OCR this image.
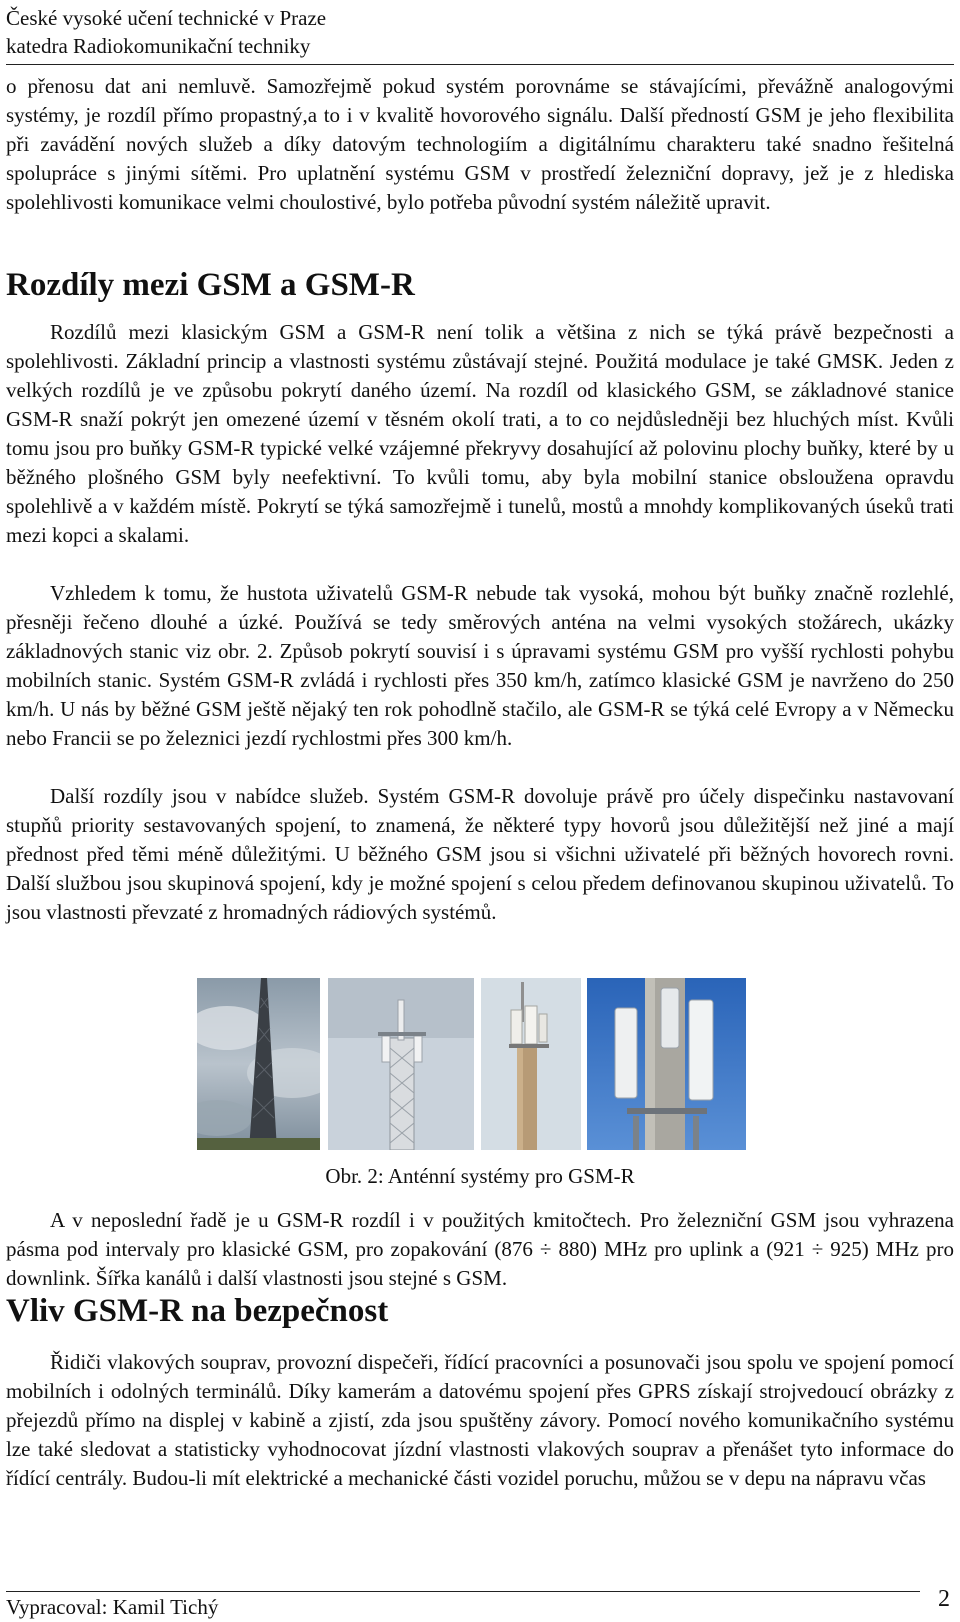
České vysoké učení technické v Praze
katedra Radiokomunikační techniky

o přenosu dat ani nemluvě. Samozřejmě pokud systém porovnáme se stávajícími, převážně analogovými systémy, je rozdíl přímo propastný,a to i v kvalitě hovorového signálu. Další předností GSM je jeho flexibilita při zavádění nových služeb a díky datovým technologiím a digitálnímu charakteru také snadno řešitelná spolupráce s jinými sítěmi. Pro uplatnění systému GSM v prostředí železniční dopravy, jež je z hlediska spolehlivosti komunikace velmi choulostivé, bylo potřeba původní systém náležitě upravit.

Rozdíly mezi GSM a GSM-R

Rozdílů mezi klasickým GSM a GSM-R není tolik a většina z nich se týká právě bezpečnosti a spolehlivosti. Základní princip a vlastnosti systému zůstávají stejné. Použitá modulace je také GMSK. Jeden z velkých rozdílů je ve způsobu pokrytí daného území. Na rozdíl od klasického GSM, se základnové stanice GSM-R snaží pokrýt jen omezené území v těsném okolí trati, a to co nejdůsledněji bez hluchých míst. Kvůli tomu jsou pro buňky GSM-R typické velké vzájemné překryvy dosahující až polovinu plochy buňky, které by u běžného plošného GSM byly neefektivní. To kvůli tomu, aby byla mobilní stanice obsloužena opravdu spolehlivě a v každém místě. Pokrytí se týká samozřejmě i tunelů, mostů a mnohdy komplikovaných úseků trati mezi kopci a skalami.

Vzhledem k tomu, že hustota uživatelů GSM-R nebude tak vysoká, mohou být buňky značně rozlehlé, přesněji řečeno dlouhé a úzké. Používá se tedy směrových anténa na velmi vysokých stožárech, ukázky základnových stanic viz obr. 2. Způsob pokrytí souvisí i s úpravami systému GSM pro vyšší rychlosti pohybu mobilních stanic. Systém GSM-R zvládá i rychlosti přes 350 km/h, zatímco klasické GSM je navrženo do 250 km/h. U nás by běžné GSM ještě nějaký ten rok pohodlně stačilo, ale GSM-R se týká celé Evropy a v Německu nebo Francii se po železnici jezdí rychlostmi přes 300 km/h.

Další rozdíly jsou v nabídce služeb. Systém GSM-R dovoluje právě pro účely dispečinku nastavovaní stupňů priority sestavovaných spojení, to znamená, že některé typy hovorů jsou důležitější než jiné a mají přednost před těmi méně důležitými. U běžného GSM jsou si všichni uživatelé při běžných hovorech rovni. Další službou jsou skupinová spojení, kdy je možné spojení s celou předem definovanou skupinou uživatelů. To jsou vlastnosti převzaté z hromadných rádiových systémů.

Obr. 2: Anténní systémy pro GSM-R

A v neposlední řadě je u GSM-R rozdíl i v použitých kmitočtech. Pro železniční GSM jsou vyhrazena pásma pod intervaly pro klasické GSM, pro zopakování (876 ÷ 880) MHz pro uplink a (921 ÷ 925) MHz pro downlink. Šířka kanálů i další vlastnosti jsou stejné s GSM.

Vliv GSM-R na bezpečnost

Řidiči vlakových souprav, provozní dispečeři, řídící pracovníci a posunovači jsou spolu ve spojení pomocí mobilních i odolných terminálů. Díky kamerám a datovému spojení přes GPRS získají strojvedoucí obrázky z přejezdů přímo na displej v kabině a zjistí, zda jsou spuštěny závory. Pomocí nového komunikačního systému lze také sledovat a statisticky vyhodnocovat jízdní vlastnosti vlakových souprav a přenášet tyto informace do řídící centrály. Budou-li mít elektrické a mechanické části vozidel poruchu, můžou se v depu na nápravu včas

Vypracoval: Kamil Tichý	2
